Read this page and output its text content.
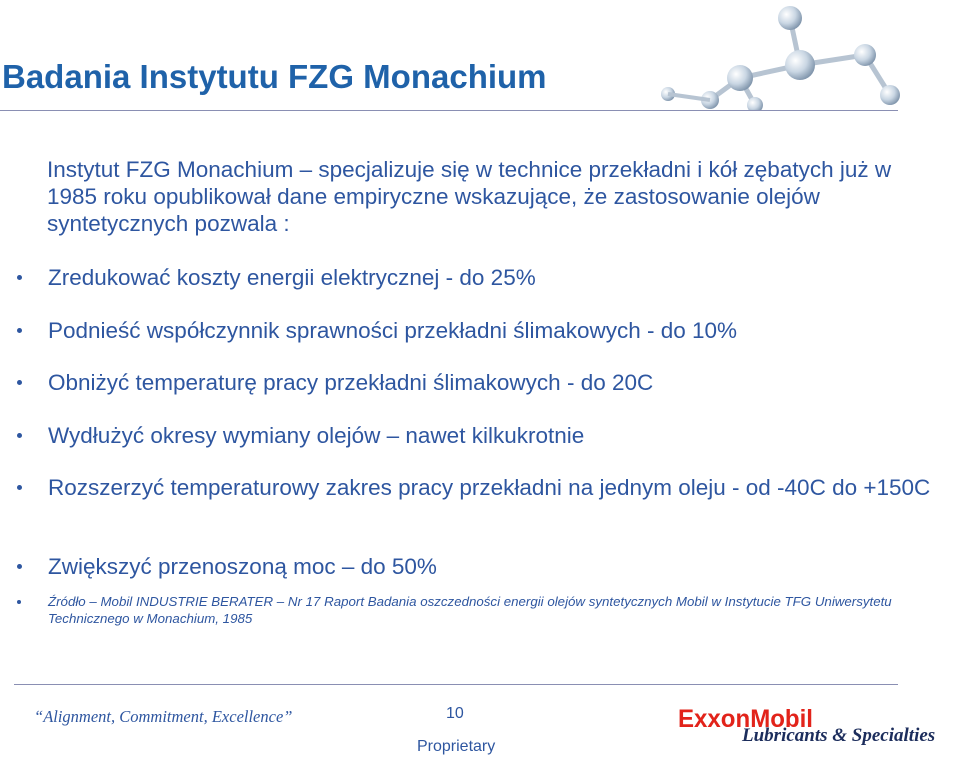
Badania Instytutu FZG Monachium

Instytut FZG Monachium – specjalizuje się w technice przekładni i kół zębatych już w 1985 roku opublikował dane empiryczne wskazujące, że zastosowanie olejów syntetycznych pozwala :

Zredukować koszty energii elektrycznej - do 25%
Podnieść współczynnik sprawności przekładni ślimakowych - do 10%
Obniżyć temperaturę pracy przekładni ślimakowych - do 20C
Wydłużyć okresy wymiany olejów – nawet kilkukrotnie
Rozszerzyć temperaturowy zakres pracy przekładni na jednym oleju - od -40C do +150C
Zwiększyć przenoszoną moc – do 50%
Źródło – Mobil INDUSTRIE BERATER – Nr 17 Raport Badania oszczedności energii olejów syntetycznych Mobil w Instytucie TFG Uniwersytetu Technicznego w Monachium, 1985
“Alignment, Commitment, Excellence”	10
Proprietary
ExxonMobil
Lubricants & Specialties
